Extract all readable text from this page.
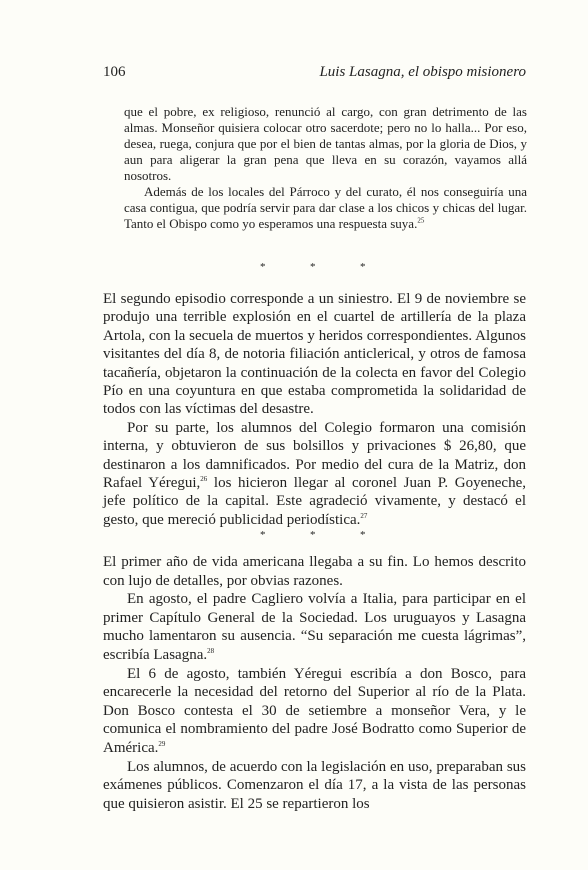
106	Luis Lasagna, el obispo misionero

que el pobre, ex religioso, renunció al cargo, con gran detrimento de las almas. Monseñor quisiera colocar otro sacerdote; pero no lo halla... Por eso, desea, ruega, conjura que por el bien de tantas almas, por la gloria de Dios, y aun para aligerar la gran pena que lleva en su corazón, vayamos allá nosotros.

Además de los locales del Párroco y del curato, él nos conseguiría una casa contigua, que podría servir para dar clase a los chicos y chicas del lugar. Tanto el Obispo como yo esperamos una respuesta suya.$^{25}$

*	*	*

El segundo episodio corresponde a un siniestro. El 9 de noviembre se produjo una terrible explosión en el cuartel de artillería de la plaza Artola, con la secuela de muertos y heridos correspondientes. Algunos visitantes del día 8, de notoria filiación anticlerical, y otros de famosa tacañería, objetaron la continuación de la colecta en favor del Colegio Pío en una coyuntura en que estaba comprometida la solidaridad de todos con las víctimas del desastre.

Por su parte, los alumnos del Colegio formaron una comisión interna, y obtuvieron de sus bolsillos y privaciones $ 26,80, que destinaron a los damnificados. Por medio del cura de la Matriz, don Rafael Yéregui,$^{26}$ los hicieron llegar al coronel Juan P. Goyeneche, jefe político de la capital. Este agradeció vivamente, y destacó el gesto, que mereció publicidad periodística.$^{27}$

*	*	*

El primer año de vida americana llegaba a su fin. Lo hemos descrito con lujo de detalles, por obvias razones.

En agosto, el padre Cagliero volvía a Italia, para participar en el primer Capítulo General de la Sociedad. Los uruguayos y Lasagna mucho lamentaron su ausencia. “Su separación me cuesta lágrimas”, escribía Lasagna.$^{28}$

El 6 de agosto, también Yéregui escribía a don Bosco, para encarecerle la necesidad del retorno del Superior al río de la Plata. Don Bosco contesta el 30 de setiembre a monseñor Vera, y le comunica el nombramiento del padre José Bodratto como Superior de América.$^{29}$

Los alumnos, de acuerdo con la legislación en uso, preparaban sus exámenes públicos. Comenzaron el día 17, a la vista de las personas que quisieron asistir. El 25 se repartieron los
